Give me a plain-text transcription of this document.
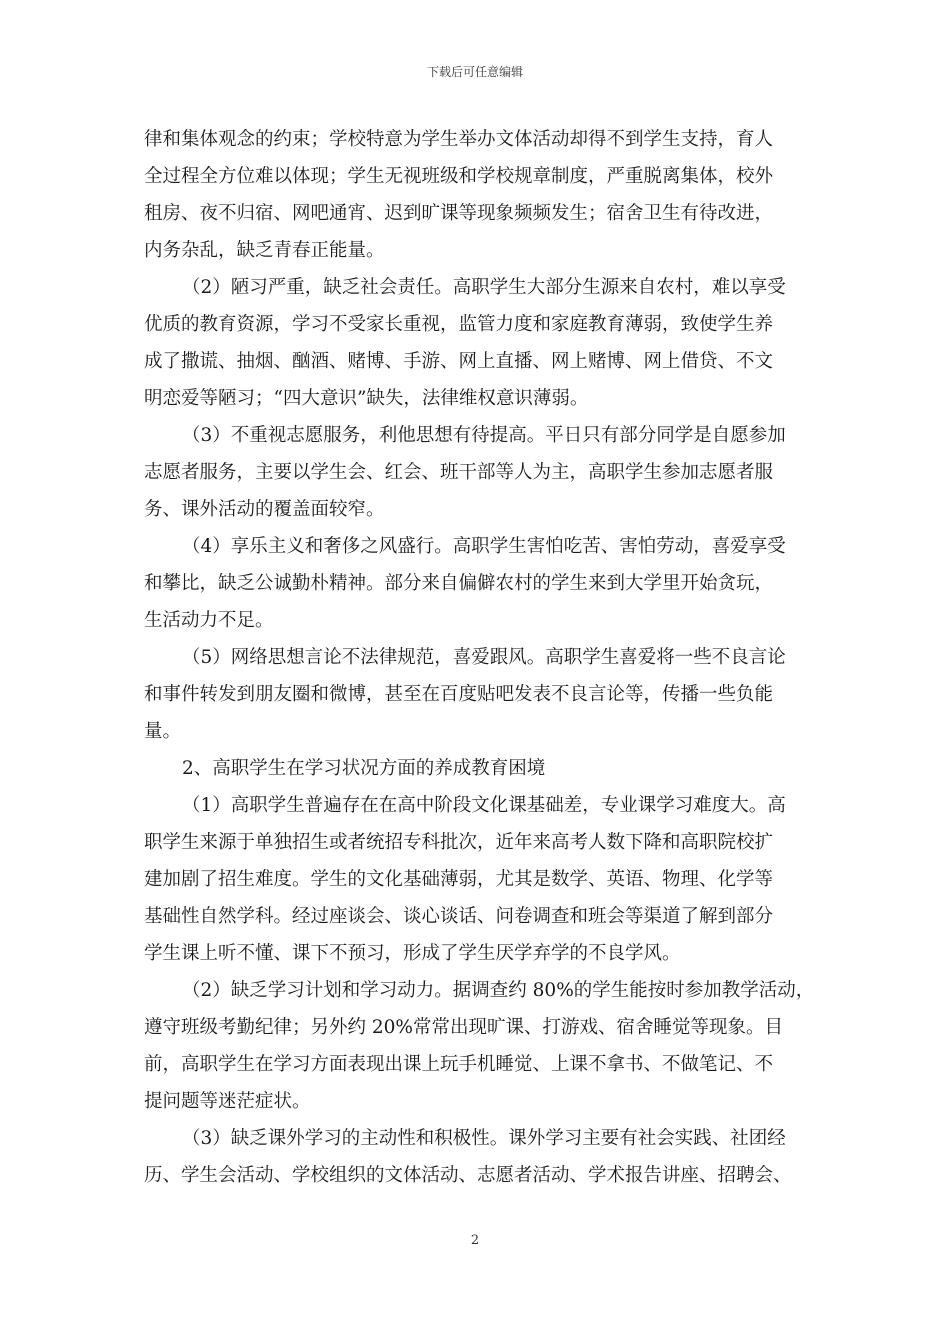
下载后可任意编辑

律和集体观念的约束；学校特意为学生举办文体活动却得不到学生支持，育人
全过程全方位难以体现；学生无视班级和学校规章制度，严重脱离集体，校外
租房、夜不归宿、网吧通宵、迟到旷课等现象频频发生；宿舍卫生有待改进，
内务杂乱，缺乏青春正能量。

（2）陋习严重，缺乏社会责任。高职学生大部分生源来自农村，难以享受
优质的教育资源，学习不受家长重视，监管力度和家庭教育薄弱，致使学生养
成了撒谎、抽烟、酗酒、赌博、手游、网上直播、网上赌博、网上借贷、不文
明恋爱等陋习；“四大意识”缺失，法律维权意识薄弱。

（3）不重视志愿服务，利他思想有待提高。平日只有部分同学是自愿参加
志愿者服务，主要以学生会、红会、班干部等人为主，高职学生参加志愿者服
务、课外活动的覆盖面较窄。

（4）享乐主义和奢侈之风盛行。高职学生害怕吃苦、害怕劳动，喜爱享受
和攀比，缺乏公诚勤朴精神。部分来自偏僻农村的学生来到大学里开始贪玩，
生活动力不足。

（5）网络思想言论不法律规范，喜爱跟风。高职学生喜爱将一些不良言论
和事件转发到朋友圈和微博，甚至在百度贴吧发表不良言论等，传播一些负能
量。

2、高职学生在学习状况方面的养成教育困境

（1）高职学生普遍存在在高中阶段文化课基础差，专业课学习难度大。高
职学生来源于单独招生或者统招专科批次，近年来高考人数下降和高职院校扩
建加剧了招生难度。学生的文化基础薄弱，尤其是数学、英语、物理、化学等
基础性自然学科。经过座谈会、谈心谈话、问卷调查和班会等渠道了解到部分
学生课上听不懂、课下不预习，形成了学生厌学弃学的不良学风。

（2）缺乏学习计划和学习动力。据调查约 80%的学生能按时参加教学活动，
遵守班级考勤纪律；另外约 20%常常出现旷课、打游戏、宿舍睡觉等现象。目
前，高职学生在学习方面表现出课上玩手机睡觉、上课不拿书、不做笔记、不
提问题等迷茫症状。

（3）缺乏课外学习的主动性和积极性。课外学习主要有社会实践、社团经
历、学生会活动、学校组织的文体活动、志愿者活动、学术报告讲座、招聘会、

2
